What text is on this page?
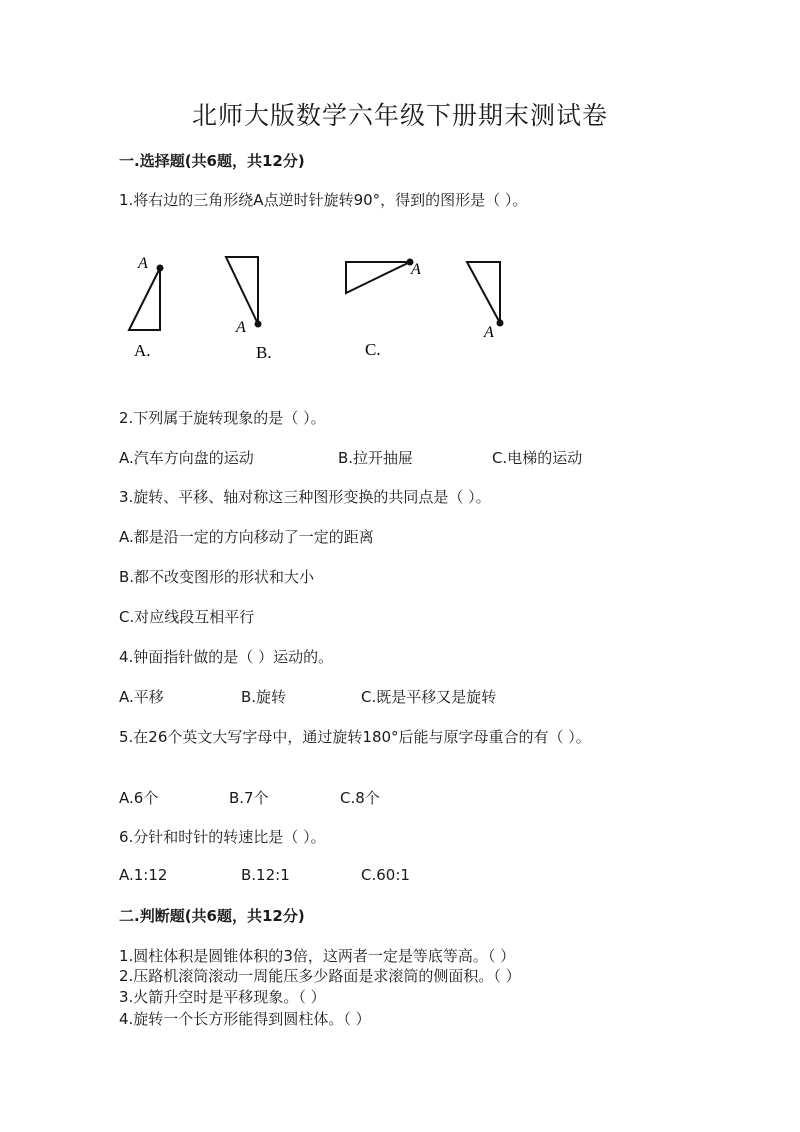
北师大版数学六年级下册期末测试卷
一.选择题(共6题，共12分)
1.将右边的三角形绕A点逆时针旋转90°，得到的图形是（ ）。
A
A
A
A
A.	B.	C.
2.下列属于旋转现象的是（ ）。
A.汽车方向盘的运动	B.拉开抽屉	C.电梯的运动
3.旋转、平移、轴对称这三种图形变换的共同点是（ ）。
A.都是沿一定的方向移动了一定的距离
B.都不改变图形的形状和大小
C.对应线段互相平行
4.钟面指针做的是（ ）运动的。
A.平移	B.旋转	C.既是平移又是旋转
5.在26个英文大写字母中，通过旋转180°后能与原字母重合的有（ ）。
A.6个	B.7个	C.8个
6.分针和时针的转速比是（ ）。
A.1:12	B.12:1	C.60:1
二.判断题(共6题，共12分)
1.圆柱体积是圆锥体积的3倍，这两者一定是等底等高。（ ）
2.压路机滚筒滚动一周能压多少路面是求滚筒的侧面积。（ ）
3.火箭升空时是平移现象。（ ）
4.旋转一个长方形能得到圆柱体。（ ）
